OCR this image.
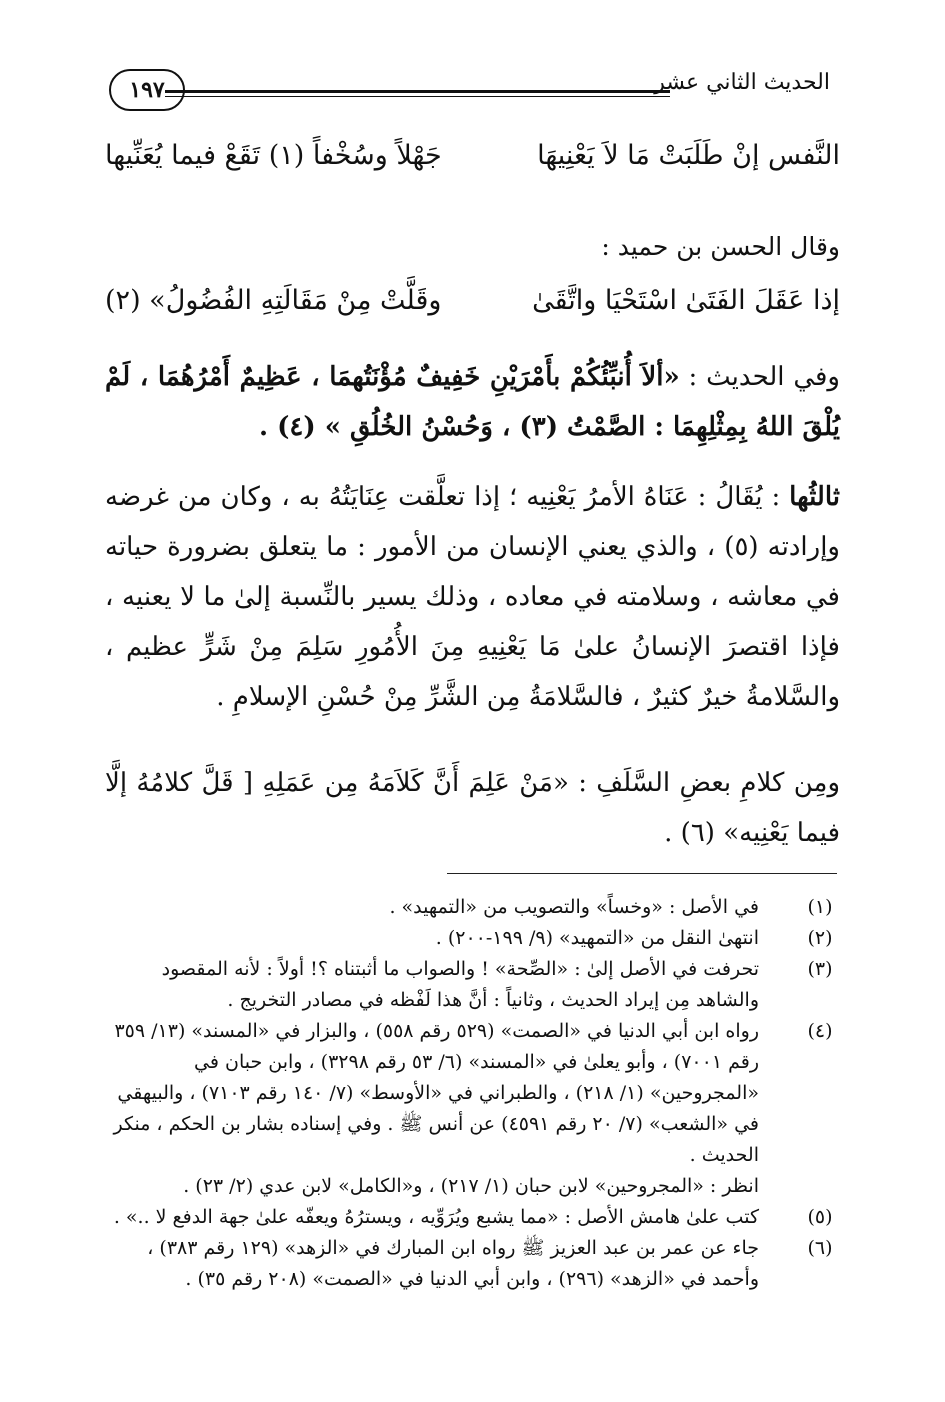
الحديث الثاني عشر
١٩٧
النَّفس إنْ طَلَبَتْ مَا لاَ يَعْنِيهَا
جَهْلاً وسُخْفاً (١) تَقَعْ فيما يُعَنِّيها
وقال الحسن بن حميد :
إذا عَقَلَ الفَتَىٰ اسْتَحْيَا واتَّقَىٰ
وقَلَّتْ مِنْ مَقَالَتِهِ الفُضُولُ» (٢)

وفي الحديث : «ألاَ أُنبِّئُكُمْ بأَمْرَيْنِ خَفِيفٌ مُؤْنَتُهمَا ، عَظِيمٌ أَمْرُهُمَا ، لَمْ يُلْقَ اللهُ بِمِثْلِهِمَا : الصَّمْتُ (٣) ، وَحُسْنُ الخُلُقِ » (٤) .

ثالثُها : يُقَالُ : عَنَاهُ الأمرُ يَعْنِيه ؛ إذا تعلَّقت عِنَايَتُهُ به ، وكان من غرضه وإرادته (٥) ، والذي يعني الإنسان من الأمور : ما يتعلق بضرورة حياته في معاشه ، وسلامته في معاده ، وذلك يسير بالنِّسبة إلىٰ ما لا يعنيه ، فإذا اقتصرَ الإنسانُ علىٰ مَا يَعْنِيهِ مِنَ الأُمُورِ سَلِمَ مِنْ شَرٍّ عظيم ، والسَّلامةُ خيرٌ كثيرٌ ، فالسَّلامَةُ مِن الشَّرِّ مِنْ حُسْنِ الإسلامِ .

ومِن كلامِ بعضِ السَّلَفِ : «مَنْ عَلِمَ أَنَّ كَلاَمَهُ مِن عَمَلِهِ [ قَلَّ كلامُهُ إلَّا فيما يَعْنِيه» (٦) .

(١)
في الأصل : «وخساً» والتصويب من «التمهيد» .
(٢)
انتهىٰ النقل من «التمهيد» (٩/ ١٩٩-٢٠٠) .
(٣)
تحرفت في الأصل إلىٰ : «الصِّحة» ! والصواب ما أثبتناه ؟! أولاً : لأنه المقصود والشاهد مِن إيراد الحديث ، وثانياً : أنَّ هذا لَفْظه في مصادر التخريج .
(٤)
رواه ابن أبي الدنيا في «الصمت» (٥٢٩ رقم ٥٥٨) ، والبزار في «المسند» (١٣/ ٣٥٩ رقم ٧٠٠١) ، وأبو يعلىٰ في «المسند» (٦/ ٥٣ رقم ٣٢٩٨) ، وابن حبان في «المجروحين» (١/ ٢١٨) ، والطبراني في «الأوسط» (٧/ ١٤٠ رقم ٧١٠٣) ، والبيهقي في «الشعب» (٧/ ٢٠ رقم ٤٥٩١) عن أنس ﷺ . وفي إسناده بشار بن الحكم ، منكر الحديث .
انظر : «المجروحين» لابن حبان (١/ ٢١٧) ، و«الكامل» لابن عدي (٢/ ٢٣) .
(٥)
كتب علىٰ هامش الأصل : «مما يشبع ويُرَوِّيه ، ويسترُهُ ويعفّه علىٰ جهة الدفع لا ..» .
(٦)
جاء عن عمر بن عبد العزيز ﷺ رواه ابن المبارك في «الزهد» (١٢٩ رقم ٣٨٣) ، وأحمد في «الزهد» (٢٩٦) ، وابن أبي الدنيا في «الصمت» (٢٠٨ رقم ٣٥) .
